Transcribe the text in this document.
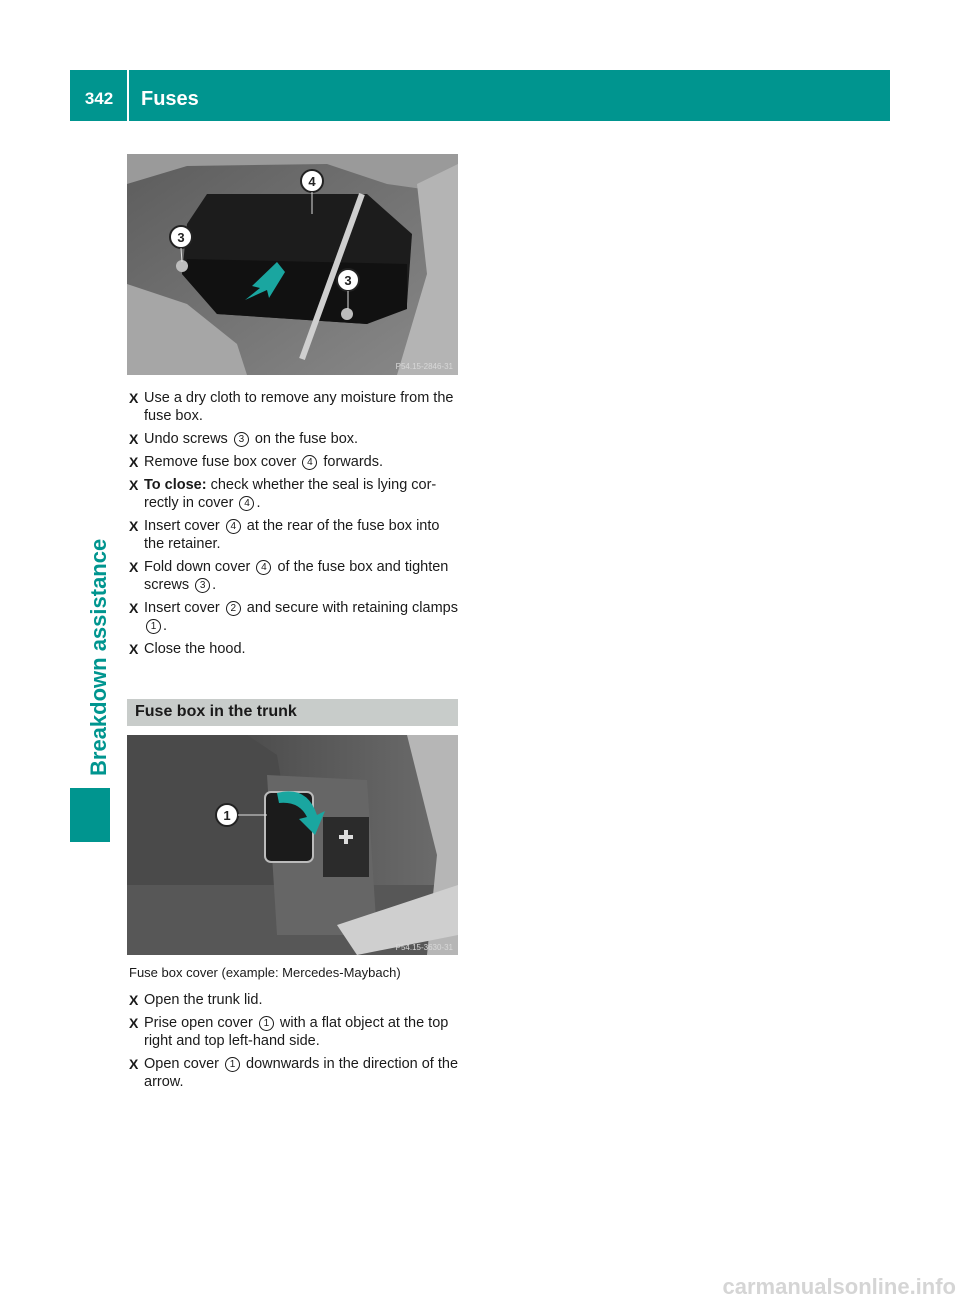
342	Fuses
Breakdown assistance
4
3
3
P54.15-2846-31
X Use a dry cloth to remove any moisture from the fuse box.
X Undo screws 3 on the fuse box.
X Remove fuse box cover 4 forwards.
X To close: check whether the seal is lying cor-rectly in cover 4 .
X Insert cover 4 at the rear of the fuse box into the retainer.
X Fold down cover 4 of the fuse box and tighten screws 3 .
X Insert cover 2 and secure with retaining clamps 1 .
X Close the hood.
Fuse box in the trunk
1
P54.15-3630-31
Fuse box cover (example: Mercedes-Maybach)
X Open the trunk lid.
X Prise open cover 1 with a flat object at the top right and top left-hand side.
X Open cover 1 downwards in the direction of the arrow.
carmanualsonline.info
